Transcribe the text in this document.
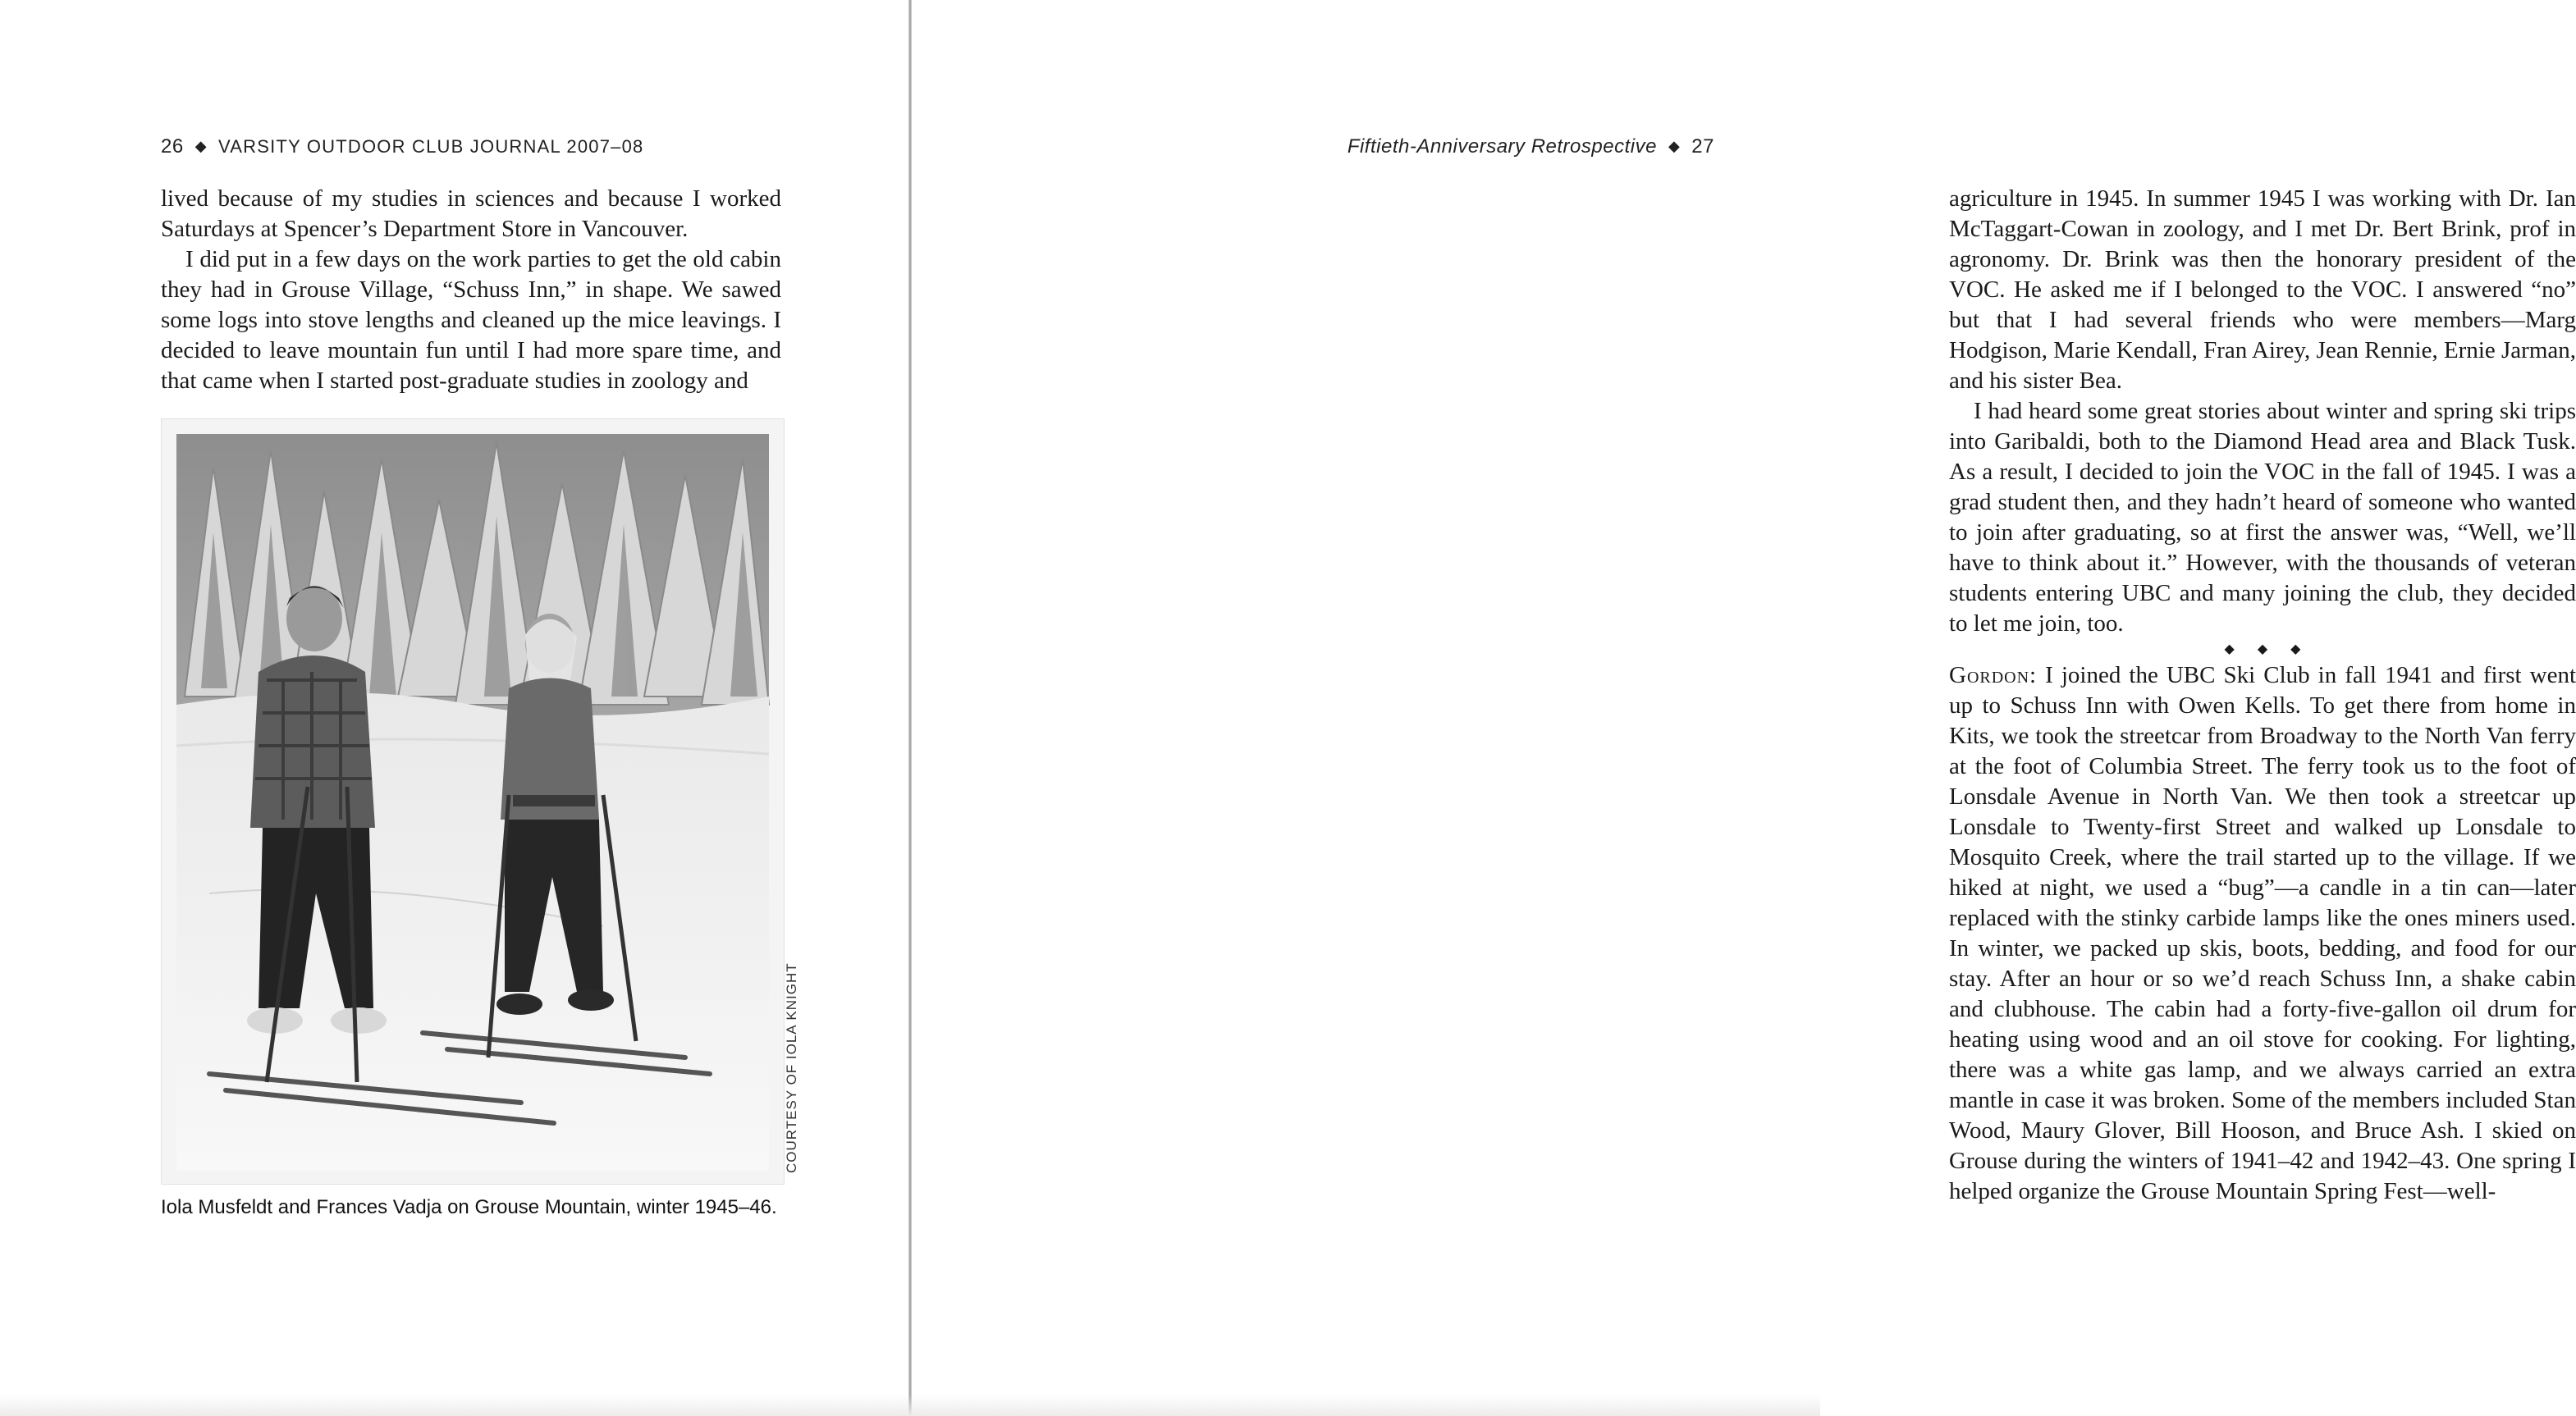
26 ◆ VARSITY OUTDOOR CLUB JOURNAL 2007–08

lived because of my studies in sciences and because I worked Saturdays at Spencer’s Department Store in Vancouver.

I did put in a few days on the work parties to get the old cabin they had in Grouse Village, “Schuss Inn,” in shape. We sawed some logs into stove lengths and cleaned up the mice leavings. I decided to leave mountain fun until I had more spare time, and that came when I started post-graduate studies in zoology and

COURTESY OF IOLA KNIGHT
Iola Musfeldt and Frances Vadja on Grouse Mountain, winter 1945–46.
Fiftieth-Anniversary Retrospective ◆ 27

agriculture in 1945. In summer 1945 I was working with Dr. Ian McTaggart-Cowan in zoology, and I met Dr. Bert Brink, prof in agronomy. Dr. Brink was then the honorary president of the VOC. He asked me if I belonged to the VOC. I answered “no” but that I had several friends who were members—Marg Hodgison, Marie Kendall, Fran Airey, Jean Rennie, Ernie Jarman, and his sister Bea.

I had heard some great stories about winter and spring ski trips into Garibaldi, both to the Diamond Head area and Black Tusk. As a result, I decided to join the VOC in the fall of 1945. I was a grad student then, and they hadn’t heard of someone who wanted to join after graduating, so at first the answer was, “Well, we’ll have to think about it.” However, with the thousands of veteran students entering UBC and many joining the club, they decided to let me join, too.

◆◆◆

Gordon: I joined the UBC Ski Club in fall 1941 and first went up to Schuss Inn with Owen Kells. To get there from home in Kits, we took the streetcar from Broadway to the North Van ferry at the foot of Columbia Street. The ferry took us to the foot of Lonsdale Avenue in North Van. We then took a streetcar up Lonsdale to Twenty-first Street and walked up Lonsdale to Mosquito Creek, where the trail started up to the village. If we hiked at night, we used a “bug”—a candle in a tin can—later replaced with the stinky carbide lamps like the ones miners used. In winter, we packed up skis, boots, bedding, and food for our stay. After an hour or so we’d reach Schuss Inn, a shake cabin and clubhouse. The cabin had a forty-five-gallon oil drum for heating using wood and an oil stove for cooking. For lighting, there was a white gas lamp, and we always carried an extra mantle in case it was broken. Some of the members included Stan Wood, Maury Glover, Bill Hooson, and Bruce Ash. I skied on Grouse during the winters of 1941–42 and 1942–43. One spring I helped organize the Grouse Mountain Spring Fest—well-
